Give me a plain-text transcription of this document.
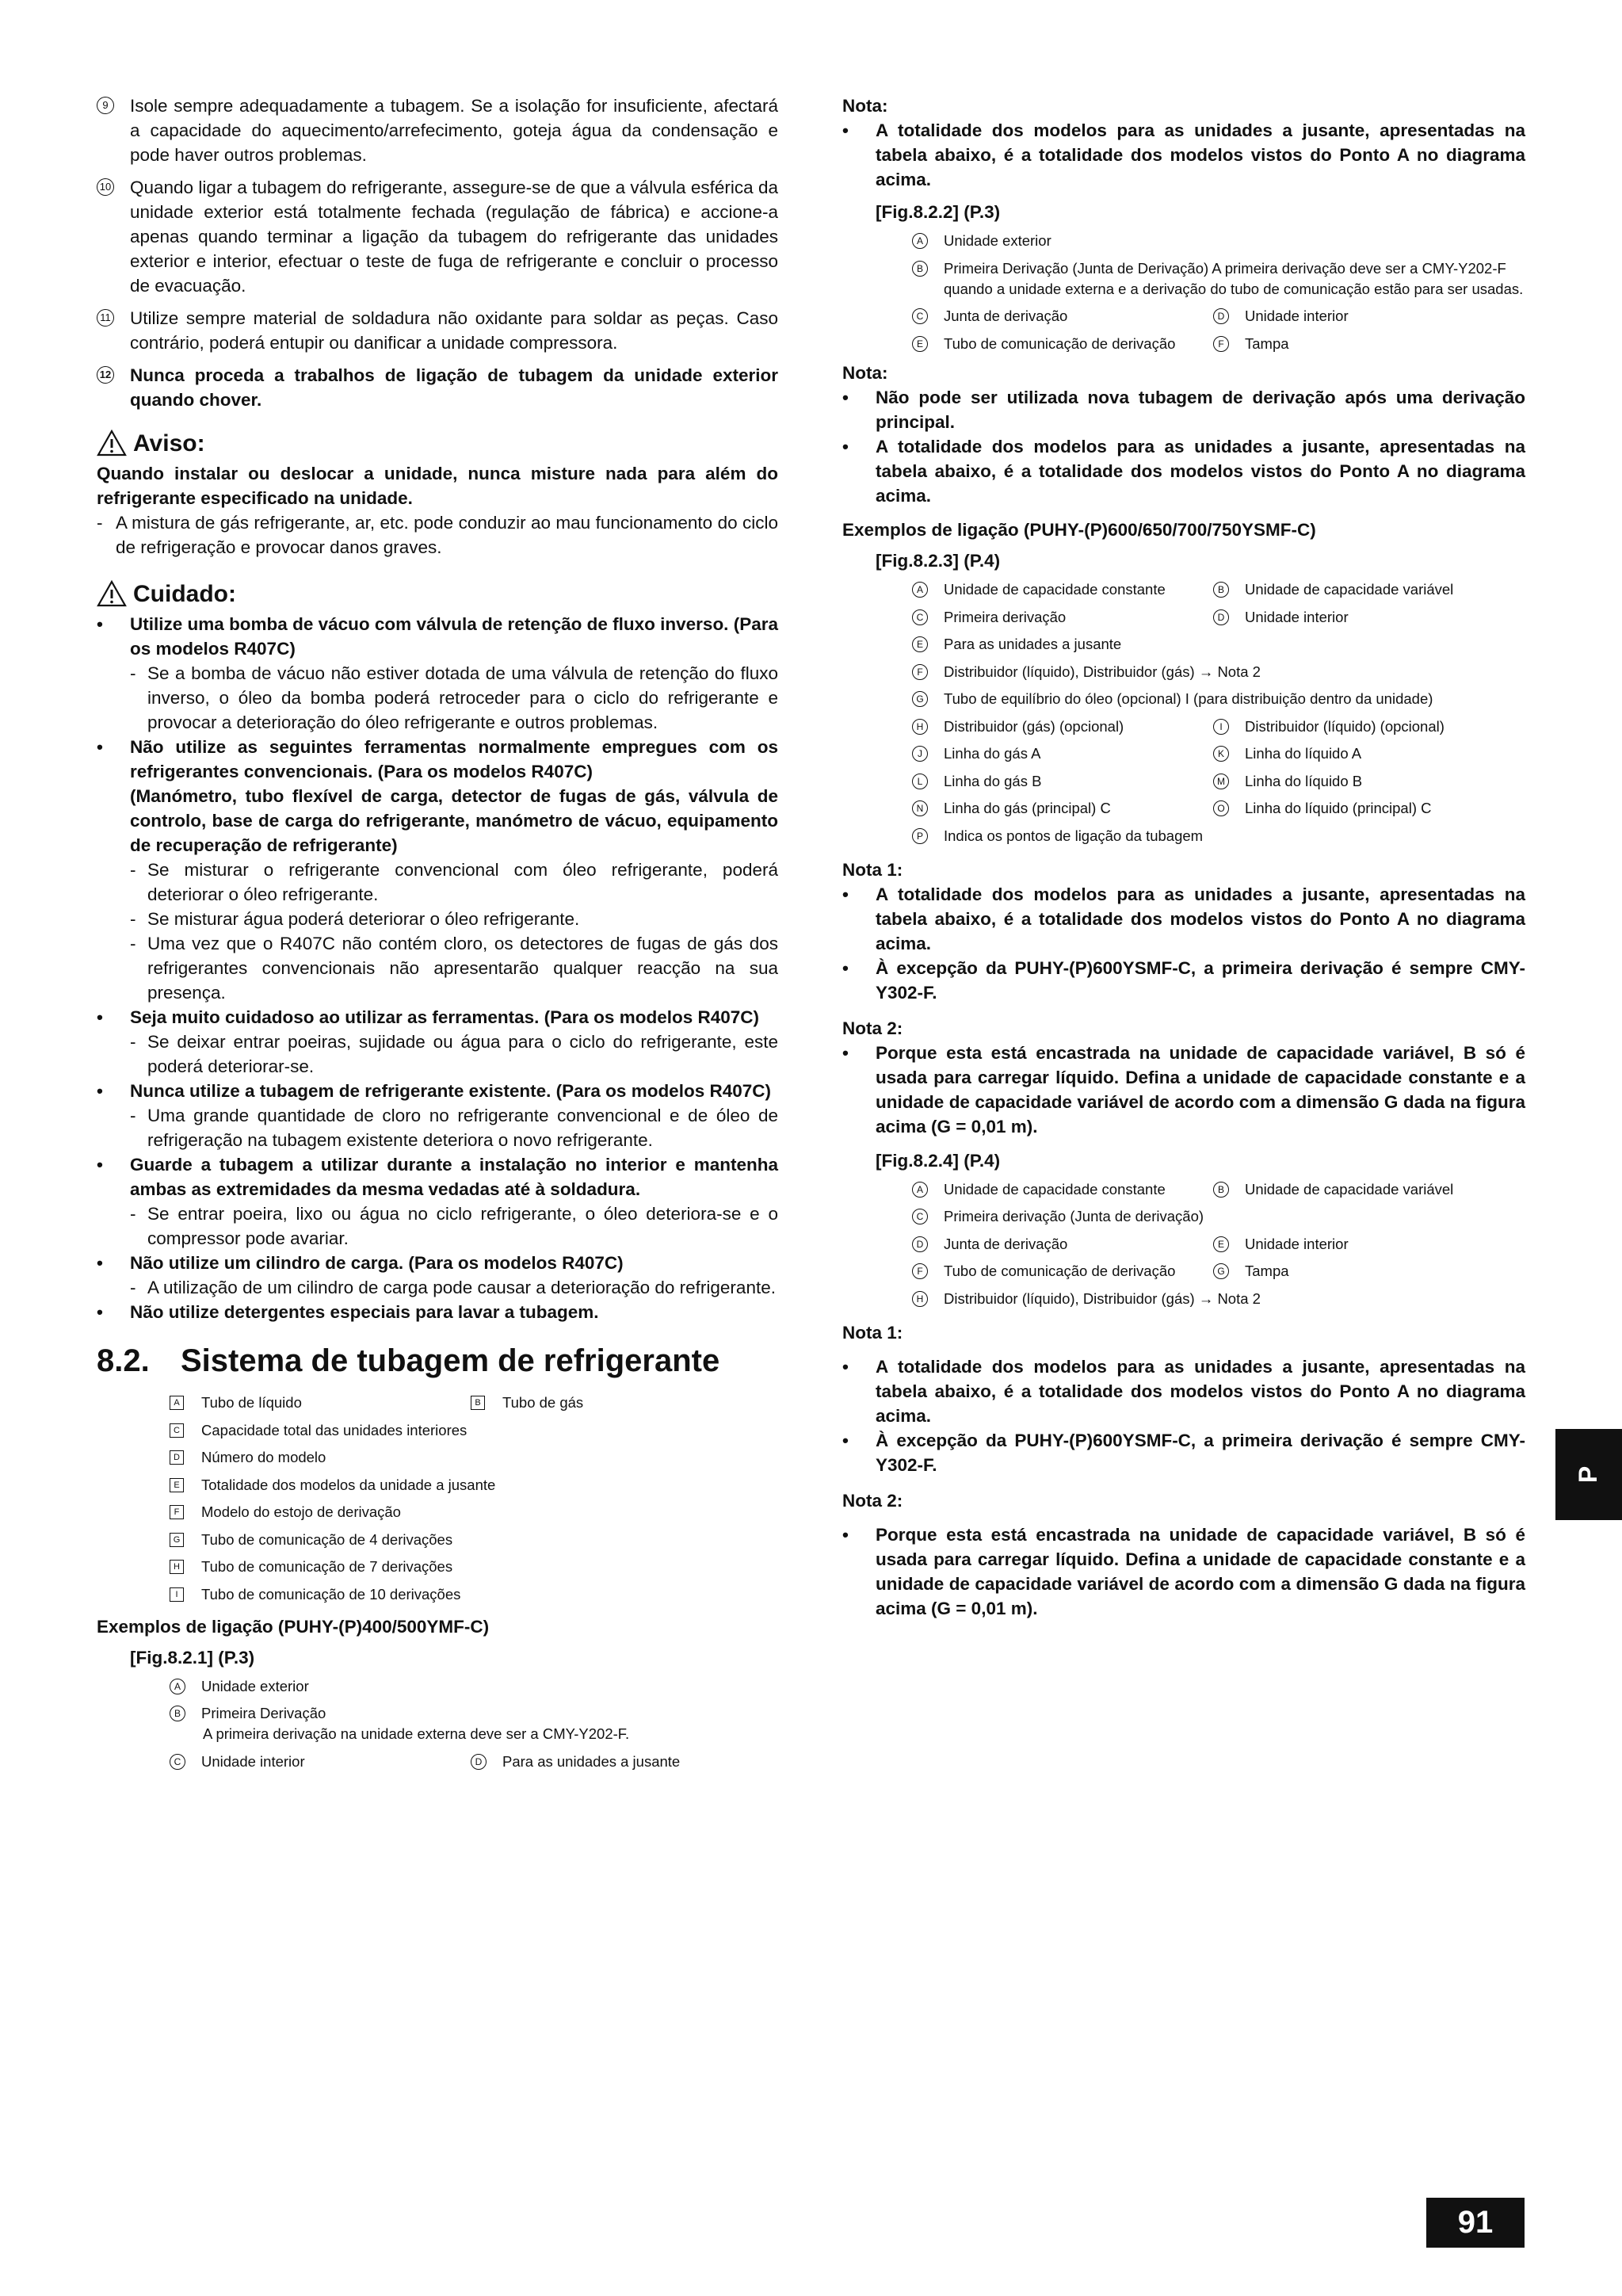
9	Isole sempre adequadamente a tubagem. Se a isolação for insuficiente, afectará a capacidade do aquecimento/arrefecimento, goteja água da condensação e pode haver outros problemas.
10 Quando ligar a tubagem do refrigerante, assegure-se de que a válvula esférica da unidade exterior está totalmente fechada (regulação de fábrica) e accione-a apenas quando terminar a ligação da tubagem do refrigerante das unidades exterior e interior, efectuar o teste de fuga de refrigerante e concluir o processo de evacuação.
11 Utilize sempre material de soldadura não oxidante para soldar as peças. Caso contrário, poderá entupir ou danificar a unidade compressora.
12 Nunca proceda a trabalhos de ligação de tubagem da unidade exterior quando chover.
Aviso:

Quando instalar ou deslocar a unidade, nunca misture nada para além do refrigerante especificado na unidade.

- A mistura de gás refrigerante, ar, etc. pode conduzir ao mau funcionamento do ciclo de refrigeração e provocar danos graves.

Cuidado:

• Utilize uma bomba de vácuo com válvula de retenção de fluxo inverso. (Para os modelos R407C)

- Se a bomba de vácuo não estiver dotada de uma válvula de retenção do fluxo inverso, o óleo da bomba poderá retroceder para o ciclo do refrigerante e provocar a deterioração do óleo refrigerante e outros problemas.

• Não utilize as seguintes ferramentas normalmente empregues com os refrigerantes convencionais. (Para os modelos R407C)

(Manómetro, tubo flexível de carga, detector de fugas de gás, válvula de controlo, base de carga do refrigerante, manómetro de vácuo, equipamento de recuperação de refrigerante)

- Se misturar o refrigerante convencional com óleo refrigerante, poderá deteriorar o óleo refrigerante.

- Se misturar água poderá deteriorar o óleo refrigerante.

- Uma vez que o R407C não contém cloro, os detectores de fugas de gás dos refrigerantes convencionais não apresentarão qualquer reacção na sua presença.

• Seja muito cuidadoso ao utilizar as ferramentas. (Para os modelos R407C)

- Se deixar entrar poeiras, sujidade ou água para o ciclo do refrigerante, este poderá deteriorar-se.

• Nunca utilize a tubagem de refrigerante existente. (Para os modelos R407C)

- Uma grande quantidade de cloro no refrigerante convencional e de óleo de refrigeração na tubagem existente deteriora o novo refrigerante.

• Guarde a tubagem a utilizar durante a instalação no interior e mantenha ambas as extremidades da mesma vedadas até à soldadura.

- Se entrar poeira, lixo ou água no ciclo refrigerante, o óleo deteriora-se e o compressor pode avariar.

• Não utilize um cilindro de carga. (Para os modelos R407C)

- A utilização de um cilindro de carga pode causar a deterioração do refrigerante.

• Não utilize detergentes especiais para lavar a tubagem.

8.2. Sistema de tubagem de refrigerante
A Tubo de líquido	B Tubo de gás
C Capacidade total das unidades interiores
D Número do modelo
E Totalidade dos modelos da unidade a jusante
F	Modelo do estojo de derivação
G Tubo de comunicação de 4 derivações
H Tubo de comunicação de 7 derivações
I	Tubo de comunicação de 10 derivações

Exemplos de ligação (PUHY-(P)400/500YMF-C)

[Fig.8.2.1] (P.3)

A	Unidade exterior
B	Primeira Derivação
A primeira derivação na unidade externa deve ser a CMY-Y202-F.
C	Unidade interior	D	Para as unidades a jusante

Nota:

• A totalidade dos modelos para as unidades a jusante, apresentadas na tabela abaixo, é a totalidade dos modelos vistos do Ponto A no diagrama acima.

[Fig.8.2.2] (P.3)

A	Unidade exterior
B	Primeira Derivação (Junta de Derivação) A primeira derivação deve ser a CMY-Y202-F quando a unidade externa e a derivação do tubo de comunicação estão para ser usadas.
C	Junta de derivação	D	Unidade interior
E	Tubo de comunicação de derivação	F	Tampa

Nota:

• Não pode ser utilizada nova tubagem de derivação após uma derivação principal.

• A totalidade dos modelos para as unidades a jusante, apresentadas na tabela abaixo, é a totalidade dos modelos vistos do Ponto A no diagrama acima.

Exemplos de ligação (PUHY-(P)600/650/700/750YSMF-C)

[Fig.8.2.3] (P.4)

A	Unidade de capacidade constante	B	Unidade de capacidade variável
C	Primeira derivação	D	Unidade interior
E	Para as unidades a jusante
F	Distribuidor (líquido), Distribuidor (gás) → Nota 2
G Tubo de equilíbrio do óleo (opcional) I (para distribuição dentro da unidade)
H	Distribuidor (gás) (opcional)	I	Distribuidor (líquido) (opcional)
J	Linha do gás A	K	Linha do líquido A
L	Linha do gás B	M Linha do líquido B
N	Linha do gás (principal) C	O Linha do líquido (principal) C
P	Indica os pontos de ligação da tubagem

Nota 1:

• A totalidade dos modelos para as unidades a jusante, apresentadas na tabela abaixo, é a totalidade dos modelos vistos do Ponto A no diagrama acima.

• À excepção da PUHY-(P)600YSMF-C, a primeira derivação é sempre CMY-Y302-F.

Nota 2:

• Porque esta está encastrada na unidade de capacidade variável, B só é usada para carregar líquido. Defina a unidade de capacidade constante e a unidade de capacidade variável de acordo com a dimensão G dada na figura acima (G = 0,01 m).

[Fig.8.2.4] (P.4)

A	Unidade de capacidade constante	B	Unidade de capacidade variável
C	Primeira derivação (Junta de derivação)
D	Junta de derivação	E	Unidade interior
F	Tubo de comunicação de derivação	G Tampa
H	Distribuidor (líquido), Distribuidor (gás) → Nota 2

Nota 1:

• A totalidade dos modelos para as unidades a jusante, apresentadas na tabela abaixo, é a totalidade dos modelos vistos do Ponto A no diagrama acima.

• À excepção da PUHY-(P)600YSMF-C, a primeira derivação é sempre CMY-Y302-F.

Nota 2:

• Porque esta está encastrada na unidade de capacidade variável, B só é usada para carregar líquido. Defina a unidade de capacidade constante e a unidade de capacidade variável de acordo com a dimensão G dada na figura acima (G = 0,01 m).

P
91
